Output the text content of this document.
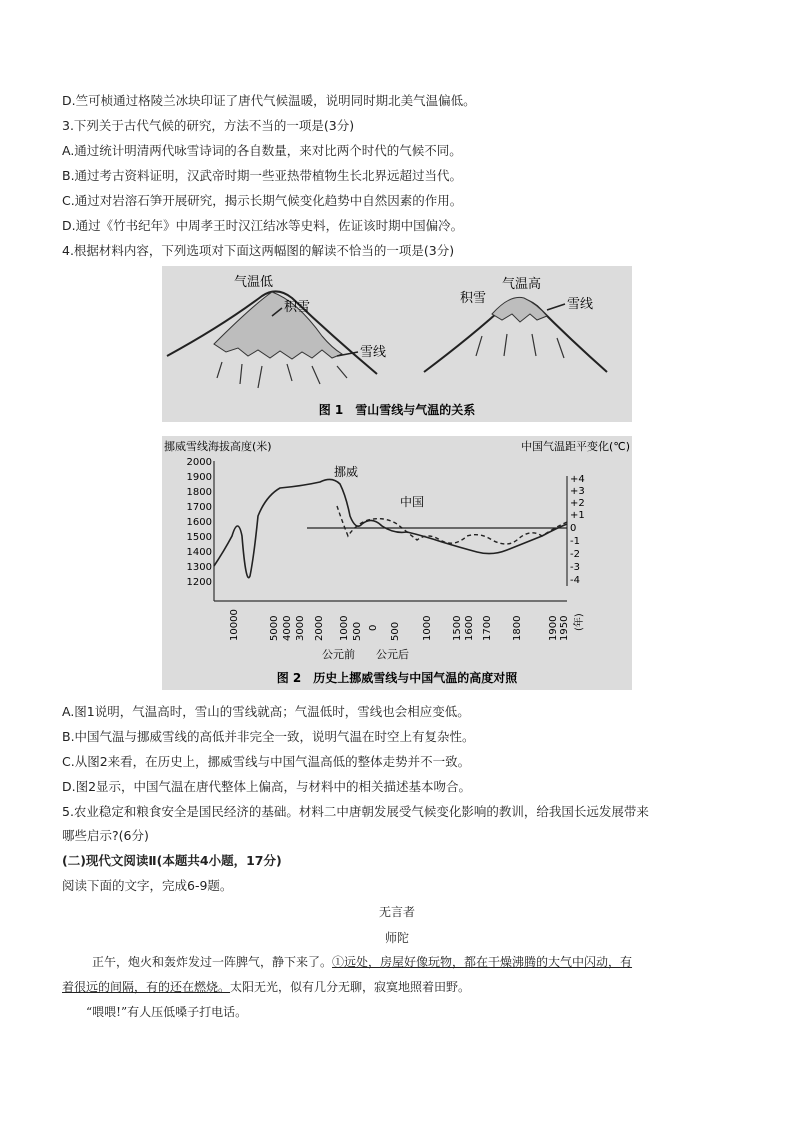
D.竺可桢通过格陵兰冰块印证了唐代气候温暖，说明同时期北美气温偏低。
3.下列关于古代气候的研究，方法不当的一项是(3分)
A.通过统计明清两代咏雪诗词的各自数量，来对比两个时代的气候不同。
B.通过考古资料证明，汉武帝时期一些亚热带植物生长北界远超过当代。
C.通过对岩溶石笋开展研究，揭示长期气候变化趋势中自然因素的作用。
D.通过《竹书纪年》中周孝王时汉江结冰等史料，佐证该时期中国偏冷。
4.根据材料内容，下列选项对下面这两幅图的解读不恰当的一项是(3分)
气温低
积雪
雪线
气温高
积雪	雪线
图 1　雪山雪线与气温的关系
挪威雪线海拔高度(米)	中国气温距平变化(℃)
2000
1900
1800
1700
1600
1500
1400
1300
1200
+4
+3
+2
+1
0
-1
-2
-3
-4
挪威
中国
10000	5000 4000 3000 2000 1000 500 0 500 1000 1500 1600 1700 1800	1900 1950 (年)
公元前 公元后
图 2　历史上挪威雪线与中国气温的高度对照
A.图1说明，气温高时，雪山的雪线就高；气温低时，雪线也会相应变低。
B.中国气温与挪威雪线的高低并非完全一致，说明气温在时空上有复杂性。
C.从图2来看，在历史上，挪威雪线与中国气温高低的整体走势并不一致。
D.图2显示，中国气温在唐代整体上偏高，与材料中的相关描述基本吻合。
5.农业稳定和粮食安全是国民经济的基础。材料二中唐朝发展受气候变化影响的教训，给我国长远发展带来
哪些启示?(6分)
(二)现代文阅读Ⅱ(本题共4小题，17分)
阅读下面的文字，完成6-9题。
无言者
师陀
正午，炮火和轰炸发过一阵脾气，静下来了。①远处，房屋好像玩物，都在干燥沸腾的大气中闪动，有
着很远的间隔，有的还在燃烧。太阳无光，似有几分无聊，寂寞地照着田野。
“喂喂!”有人压低嗓子打电话。
